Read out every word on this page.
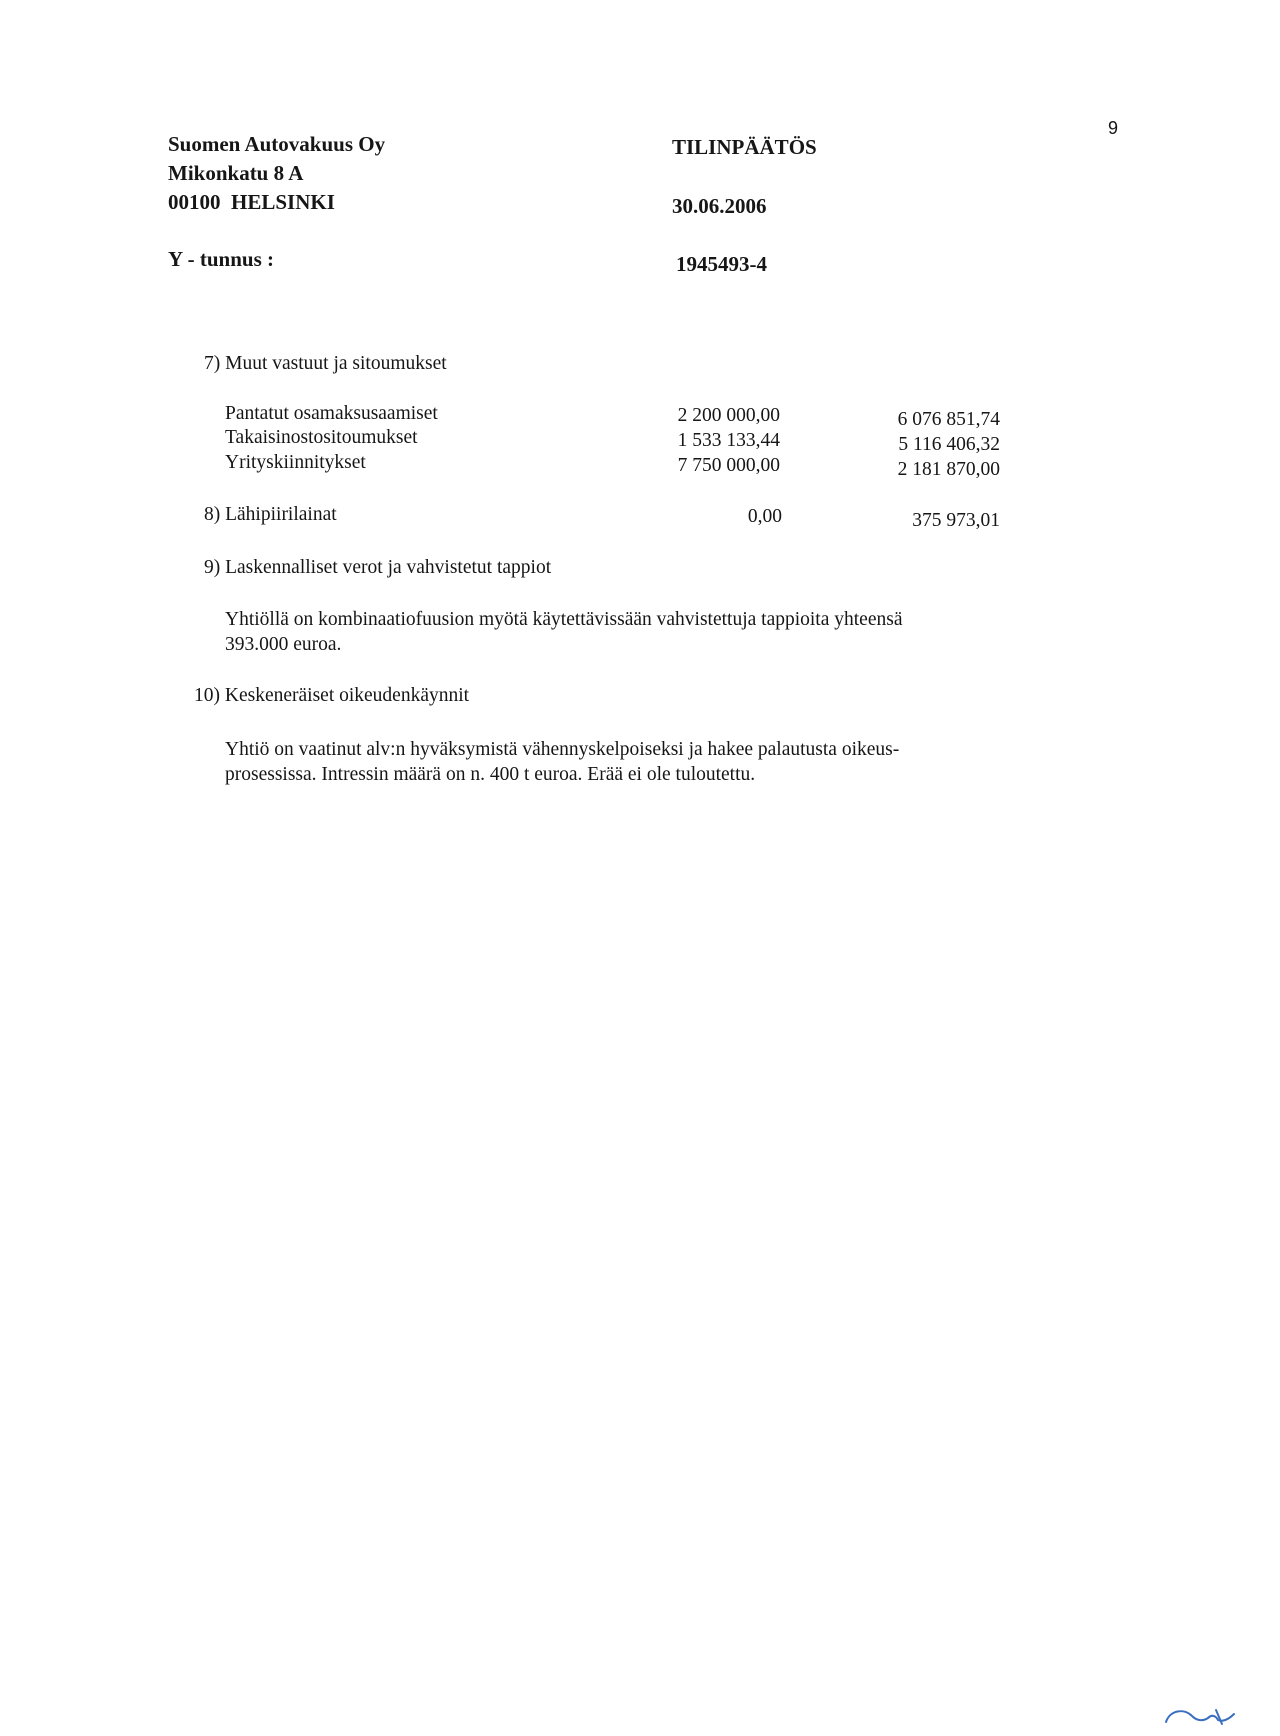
9
Suomen Autovakuus Oy
Mikonkatu 8 A
00100  HELSINKI
Y - tunnus :
TILINPÄÄTÖS
30.06.2006
1945493-4
7) Muut vastuut ja sitoumukset
Pantatut osamaksusaamiset	2 200 000,00	6 076 851,74
Takaisinostositoumukset	1 533 133,44	5 116 406,32
Yrityskiinnitykset	7 750 000,00	2 181 870,00
8) Lähipiirilainat	0,00	375 973,01
9) Laskennalliset verot ja vahvistetut tappiot
Yhtiöllä on kombinaatiofuusion myötä käytettävissään vahvistettuja tappioita yhteensä
393.000 euroa.
10) Keskeneräiset oikeudenkäynnit
Yhtiö on vaatinut alv:n hyväksymistä vähennyskelpoiseksi ja hakee palautusta oikeus-
prosessissa. Intressin määrä on n. 400 t euroa. Erää ei ole tuloutettu.
